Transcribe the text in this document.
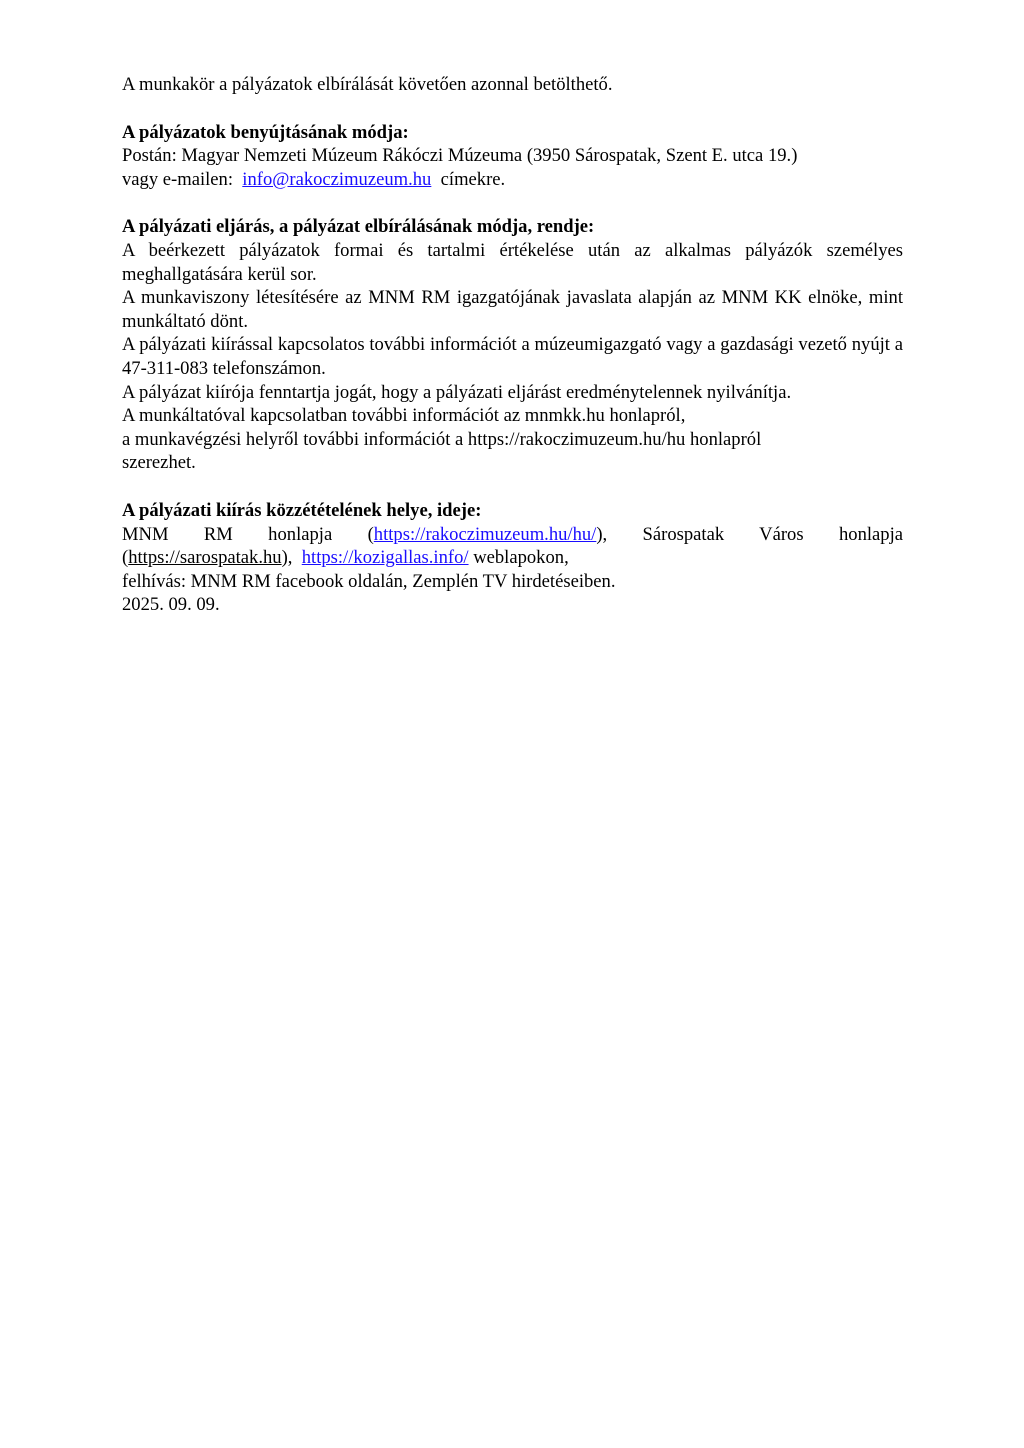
A munkakör a pályázatok elbírálását követően azonnal betölthető.

A pályázatok benyújtásának módja:

Postán: Magyar Nemzeti Múzeum Rákóczi Múzeuma (3950 Sárospatak, Szent E. utca 19.)

vagy e-mailen: info@rakoczimuzeum.hu címekre.

A pályázati eljárás, a pályázat elbírálásának módja, rendje:

A beérkezett pályázatok formai és tartalmi értékelése után az alkalmas pályázók személyes meghallgatására kerül sor.

A munkaviszony létesítésére az MNM RM igazgatójának javaslata alapján az MNM KK elnöke, mint munkáltató dönt.

A pályázati kiírással kapcsolatos további információt a múzeumigazgató vagy a gazdasági vezető nyújt a 47-311-083 telefonszámon.

A pályázat kiírója fenntartja jogát, hogy a pályázati eljárást eredménytelennek nyilvánítja.

A munkáltatóval kapcsolatban további információt az mnmkk.hu honlapról,

a munkavégzési helyről további információt a https://rakoczimuzeum.hu/hu honlapról szerezhet.

A pályázati kiírás közzétételének helye, ideje:

MNM RM honlapja (https://rakoczimuzeum.hu/hu/), Sárospatak Város honlapja (https://sarospatak.hu), https://kozigallas.info/ weblapokon,

felhívás: MNM RM facebook oldalán, Zemplén TV hirdetéseiben.

2025. 09. 09.
